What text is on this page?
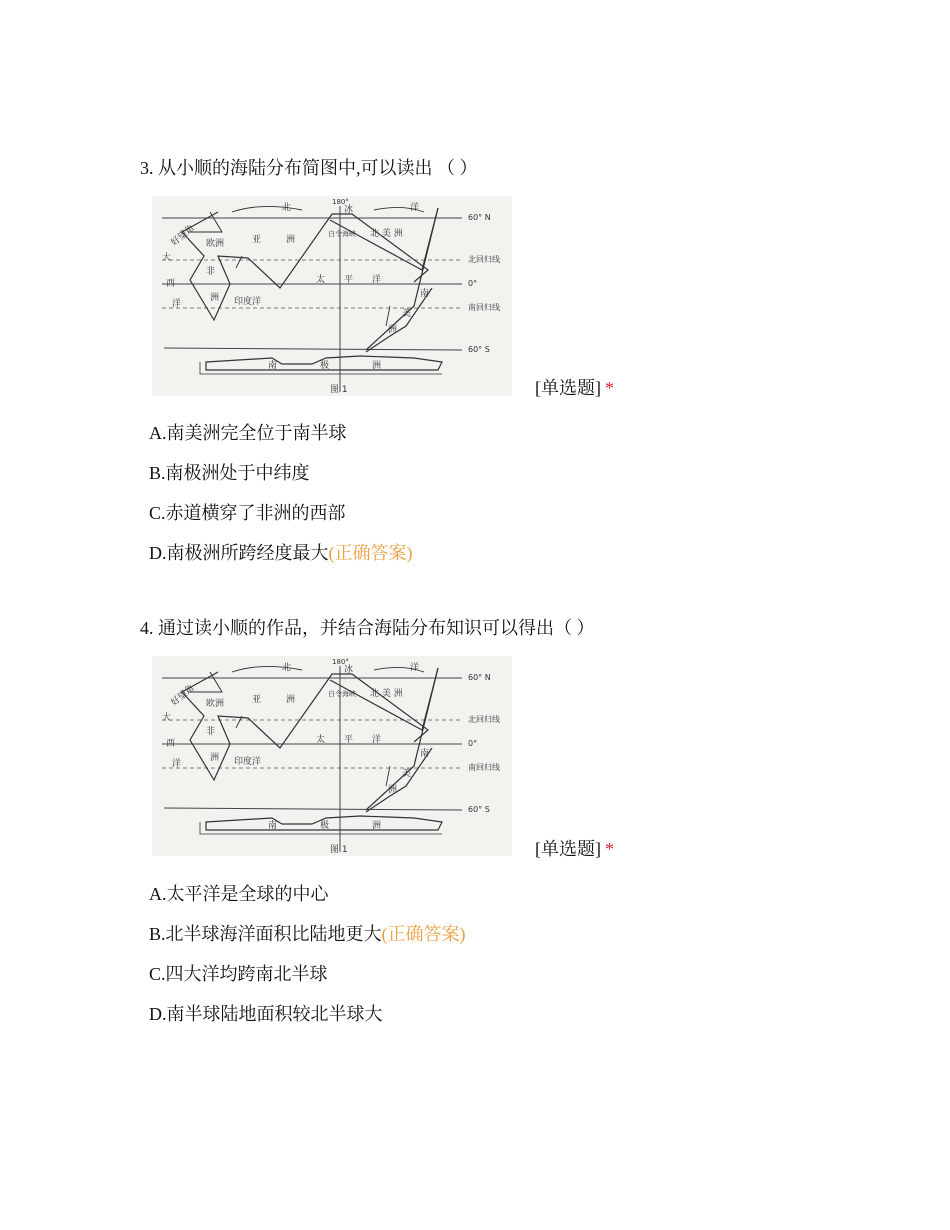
3. 从小顺的海陆分布简图中,可以读出 （ ）
北
180°
冰	洋
60° N
北回归线
0°
南回归线
60° S
好望角 欧洲	亚	洲
白令海峡 北 美 洲
大
西
洋
非
洲 印度洋
太 平 洋
南
美
洲
南	极	洲
图 1	[单选题] *
A.南美洲完全位于南半球
B.南极洲处于中纬度
C.赤道横穿了非洲的西部
D.南极洲所跨经度最大(正确答案)
4. 通过读小顺的作品，并结合海陆分布知识可以得出（ ）
北
180°
冰	洋
60° N
北回归线
0°
南回归线
60° S
好望角 欧洲	亚	洲
白令海峡 北 美 洲
大
西
洋
非
洲 印度洋
太 平 洋
南
美
洲
南	极	洲
图 1	[单选题] *
A.太平洋是全球的中心
B.北半球海洋面积比陆地更大(正确答案)
C.四大洋均跨南北半球
D.南半球陆地面积较北半球大
